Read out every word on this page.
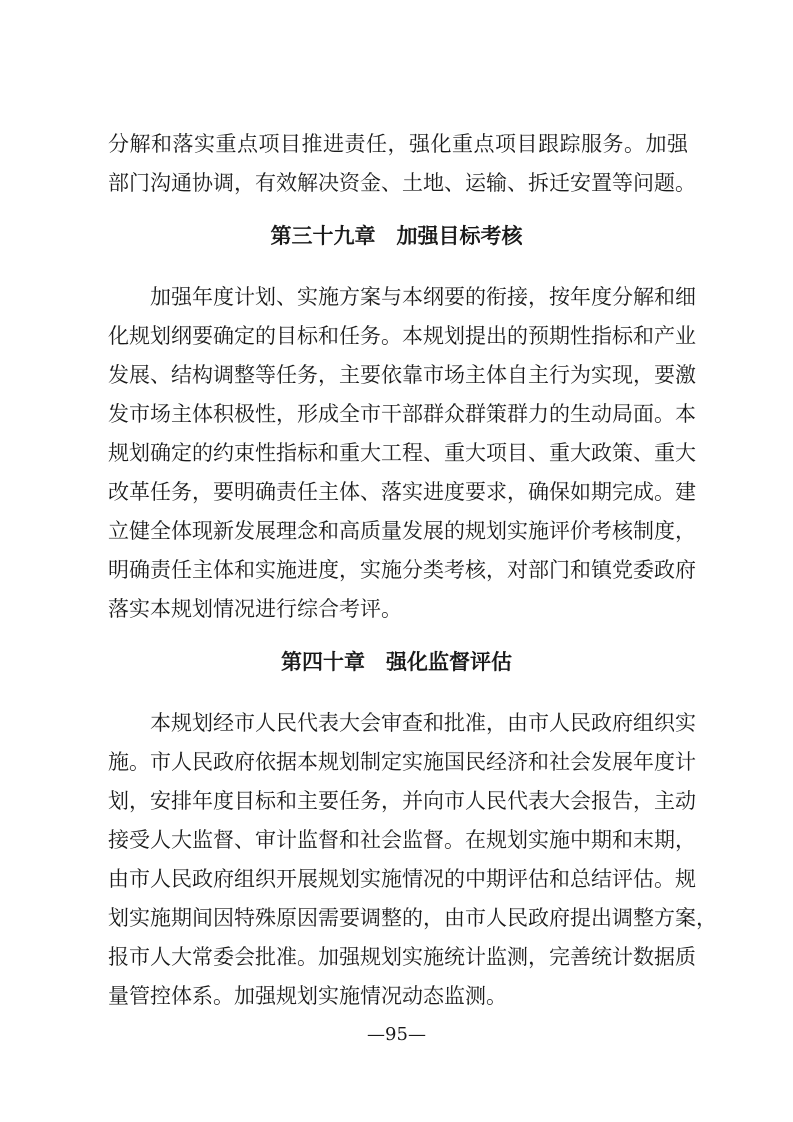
分解和落实重点项目推进责任，强化重点项目跟踪服务。加强
部门沟通协调，有效解决资金、土地、运输、拆迁安置等问题。
第三十九章　加强目标考核
　　加强年度计划、实施方案与本纲要的衔接，按年度分解和细
化规划纲要确定的目标和任务。本规划提出的预期性指标和产业
发展、结构调整等任务，主要依靠市场主体自主行为实现，要激
发市场主体积极性，形成全市干部群众群策群力的生动局面。本
规划确定的约束性指标和重大工程、重大项目、重大政策、重大
改革任务，要明确责任主体、落实进度要求，确保如期完成。建
立健全体现新发展理念和高质量发展的规划实施评价考核制度，
明确责任主体和实施进度，实施分类考核，对部门和镇党委政府
落实本规划情况进行综合考评。
第四十章　强化监督评估
　　本规划经市人民代表大会审查和批准，由市人民政府组织实
施。市人民政府依据本规划制定实施国民经济和社会发展年度计
划，安排年度目标和主要任务，并向市人民代表大会报告，主动
接受人大监督、审计监督和社会监督。在规划实施中期和末期，
由市人民政府组织开展规划实施情况的中期评估和总结评估。规
划实施期间因特殊原因需要调整的，由市人民政府提出调整方案，
报市人大常委会批准。加强规划实施统计监测，完善统计数据质
量管控体系。加强规划实施情况动态监测。
—95—
